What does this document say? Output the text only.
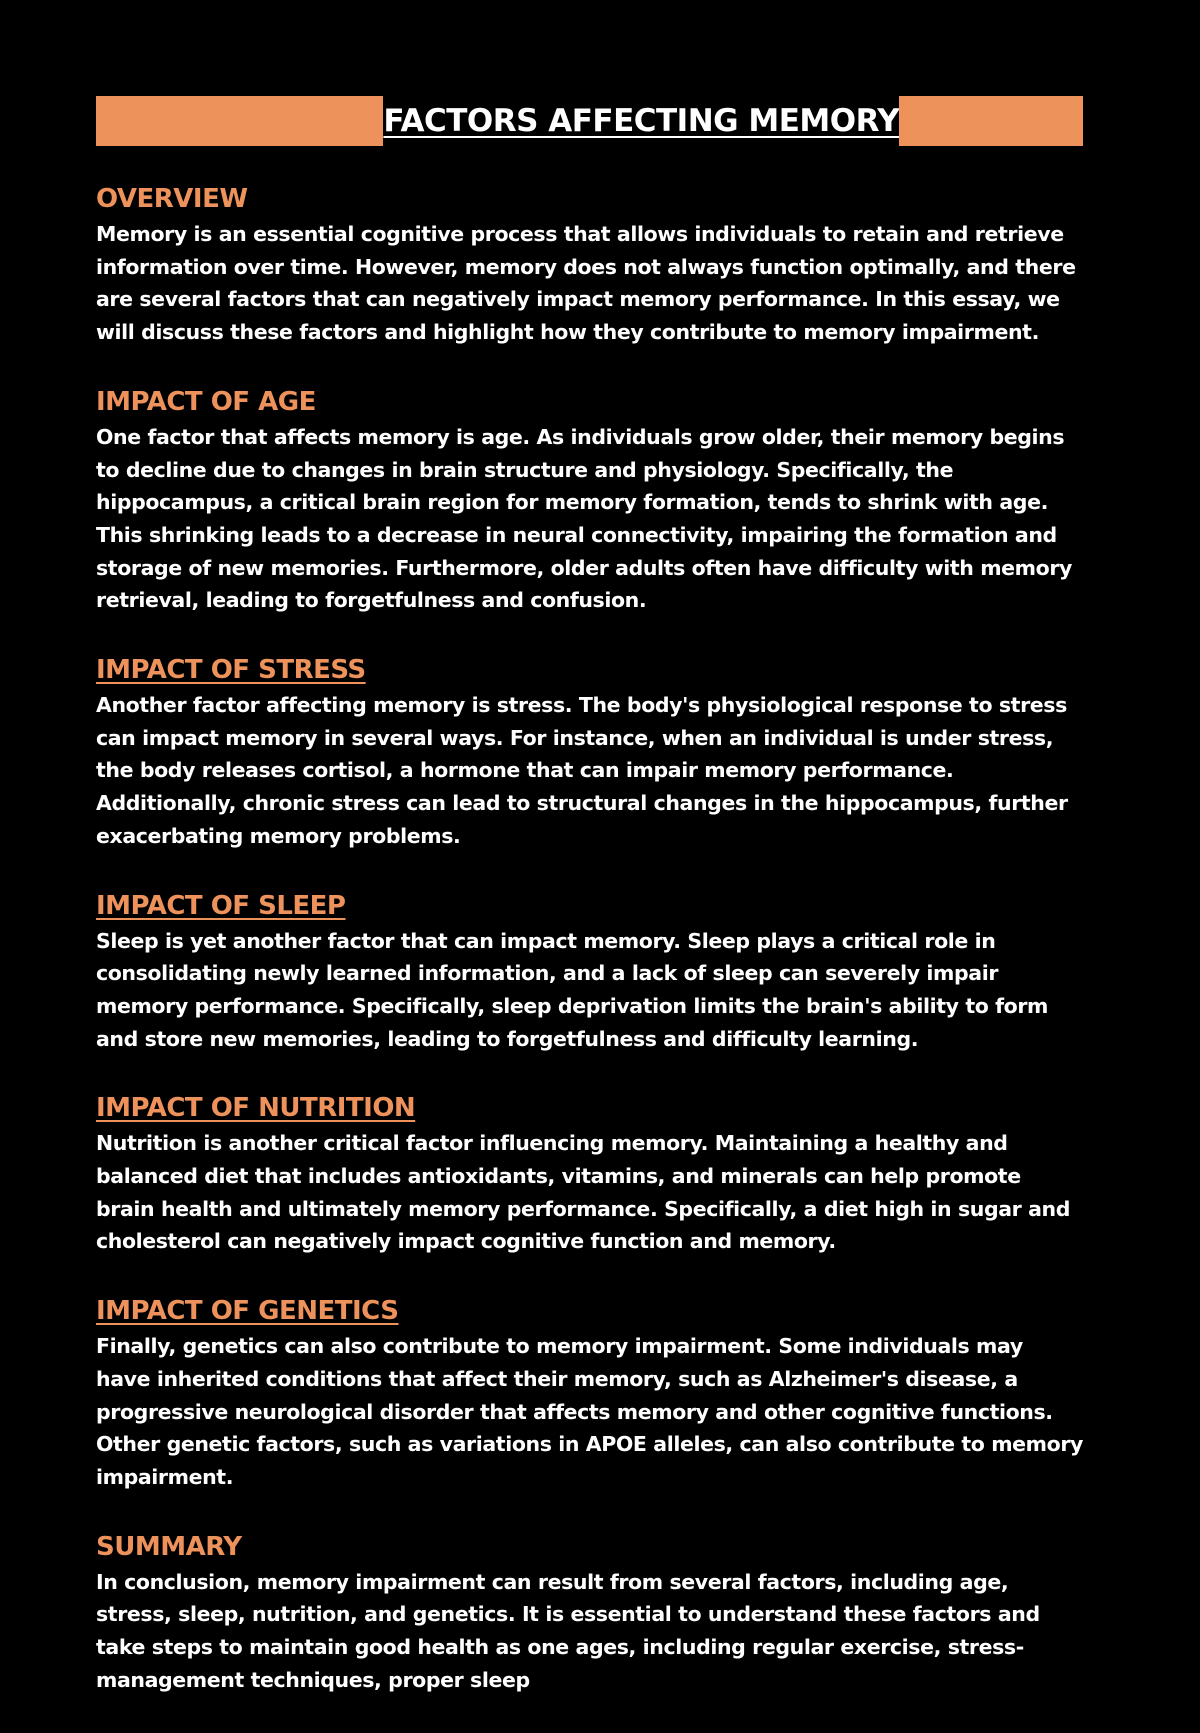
FACTORS AFFECTING MEMORY
OVERVIEW

Memory is an essential cognitive process that allows individuals to retain and retrieve information over time. However, memory does not always function optimally, and there are several factors that can negatively impact memory performance. In this essay, we will discuss these factors and highlight how they contribute to memory impairment.

IMPACT OF AGE

One factor that affects memory is age. As individuals grow older, their memory begins to decline due to changes in brain structure and physiology. Specifically, the hippocampus, a critical brain region for memory formation, tends to shrink with age. This shrinking leads to a decrease in neural connectivity, impairing the formation and storage of new memories. Furthermore, older adults often have difficulty with memory retrieval, leading to forgetfulness and confusion.

IMPACT OF STRESS

Another factor affecting memory is stress. The body's physiological response to stress can impact memory in several ways. For instance, when an individual is under stress, the body releases cortisol, a hormone that can impair memory performance. Additionally, chronic stress can lead to structural changes in the hippocampus, further exacerbating memory problems.

IMPACT OF SLEEP

Sleep is yet another factor that can impact memory. Sleep plays a critical role in consolidating newly learned information, and a lack of sleep can severely impair memory performance. Specifically, sleep deprivation limits the brain's ability to form and store new memories, leading to forgetfulness and difficulty learning.

IMPACT OF NUTRITION

Nutrition is another critical factor influencing memory. Maintaining a healthy and balanced diet that includes antioxidants, vitamins, and minerals can help promote brain health and ultimately memory performance. Specifically, a diet high in sugar and cholesterol can negatively impact cognitive function and memory.

IMPACT OF GENETICS

Finally, genetics can also contribute to memory impairment. Some individuals may have inherited conditions that affect their memory, such as Alzheimer's disease, a progressive neurological disorder that affects memory and other cognitive functions. Other genetic factors, such as variations in APOE alleles, can also contribute to memory impairment.

SUMMARY

In conclusion, memory impairment can result from several factors, including age, stress, sleep, nutrition, and genetics. It is essential to understand these factors and take steps to maintain good health as one ages, including regular exercise, stress-management techniques, proper sleep
